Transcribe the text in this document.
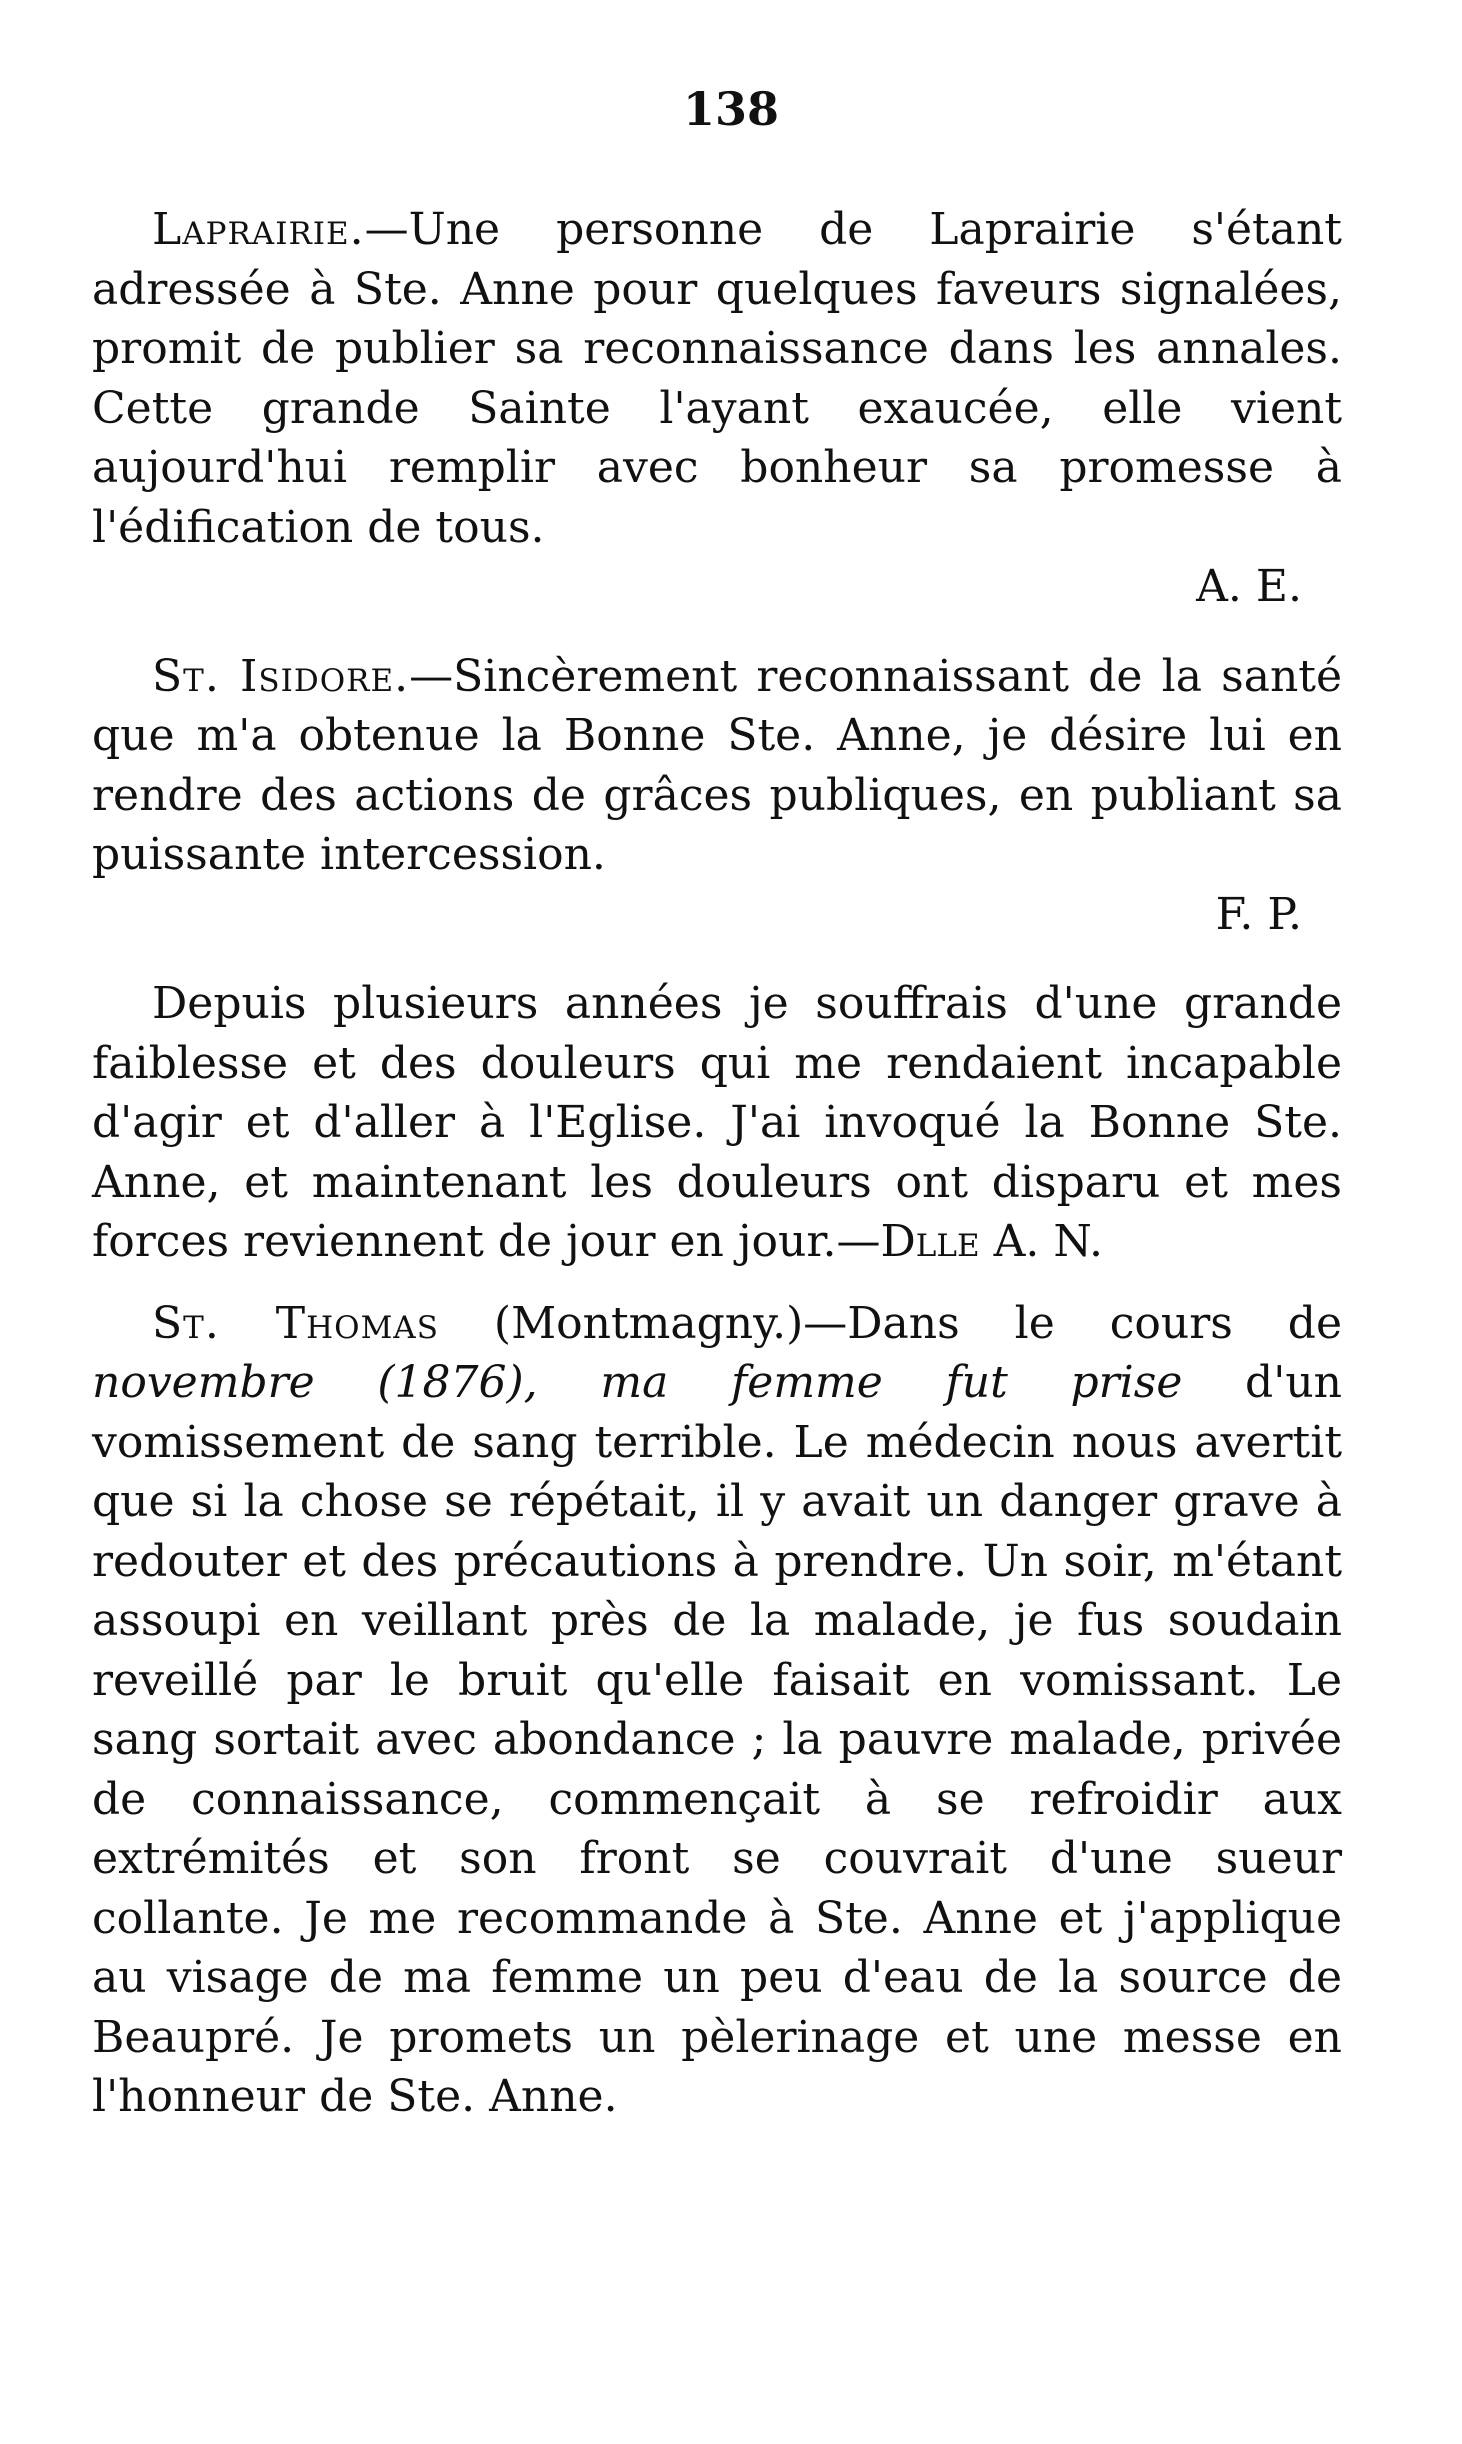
138

Laprairie.—Une personne de Laprairie s'étant adressée à Ste. Anne pour quelques faveurs signalées, promit de publier sa reconnaissance dans les annales. Cette grande Sainte l'ayant exaucée, elle vient aujourd'hui remplir avec bonheur sa promesse à l'édification de tous.

A. E.

St. Isidore.—Sincèrement reconnaissant de la santé que m'a obtenue la Bonne Ste. Anne, je désire lui en rendre des actions de grâces publiques, en publiant sa puissante intercession.

F. P.

Depuis plusieurs années je souffrais d'une grande faiblesse et des douleurs qui me rendaient incapable d'agir et d'aller à l'Eglise. J'ai invoqué la Bonne Ste. Anne, et maintenant les douleurs ont disparu et mes forces reviennent de jour en jour.—Dlle A. N.

St. Thomas (Montmagny.)—Dans le cours de novembre (1876), ma femme fut prise d'un vomissement de sang terrible. Le médecin nous avertit que si la chose se répétait, il y avait un danger grave à redouter et des précautions à prendre. Un soir, m'étant assoupi en veillant près de la malade, je fus soudain reveillé par le bruit qu'elle faisait en vomissant. Le sang sortait avec abondance ; la pauvre malade, privée de connaissance, commençait à se refroidir aux extrémités et son front se couvrait d'une sueur collante. Je me recommande à Ste. Anne et j'applique au visage de ma femme un peu d'eau de la source de Beaupré. Je promets un pèlerinage et une messe en l'honneur de Ste. Anne.
